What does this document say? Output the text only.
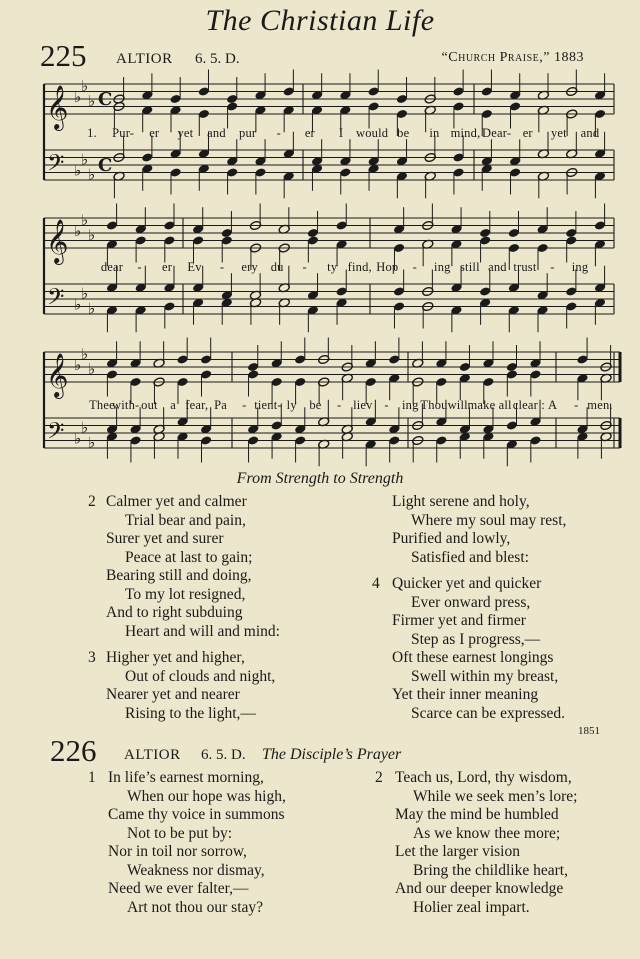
The Christian Life
225 ALTIOR 6. 5. D.	“Church Praise,” 1883
𝄞
𝄢
♭
♭
♭
♭
♭
♭
C
C
𝄞
𝄢
♭
♭
♭
♭
♭
♭
𝄞
𝄢
♭
♭
♭
♭
♭
♭
1. Pur- er yet and pur - er I would be in mind, Dear- er yet and
dear - er Ev - ery du - ty find, Hop - ing still and trust - ing
Thee
with- out a fear, Pa - tient- ly be - liev - ing Thou will make all clear : A - men.
From Strength to Strength
2 Calmer yet and calmer
Trial bear and pain,
Surer yet and surer
Peace at last to gain;
Bearing still and doing,
To my lot resigned,
And to right subduing
Heart and will and mind:
3 Higher yet and higher,
Out of clouds and night,
Nearer yet and nearer
Rising to the light,—
Light serene and holy,
Where my soul may rest,
Purified and lowly,
Satisfied and blest:
4 Quicker yet and quicker
Ever onward press,
Firmer yet and firmer
Step as I progress,—
Oft these earnest longings
Swell within my breast,
Yet their inner meaning
Scarce can be expressed.
1851
226 ALTIOR 6. 5. D. The Disciple’s Prayer
1 In life’s earnest morning,
When our hope was high,
Came thy voice in summons
Not to be put by:
Nor in toil nor sorrow,
Weakness nor dismay,
Need we ever falter,—
Art not thou our stay?
2 Teach us, Lord, thy wisdom,
While we seek men’s lore;
May the mind be humbled
As we know thee more;
Let the larger vision
Bring the childlike heart,
And our deeper knowledge
Holier zeal impart.
